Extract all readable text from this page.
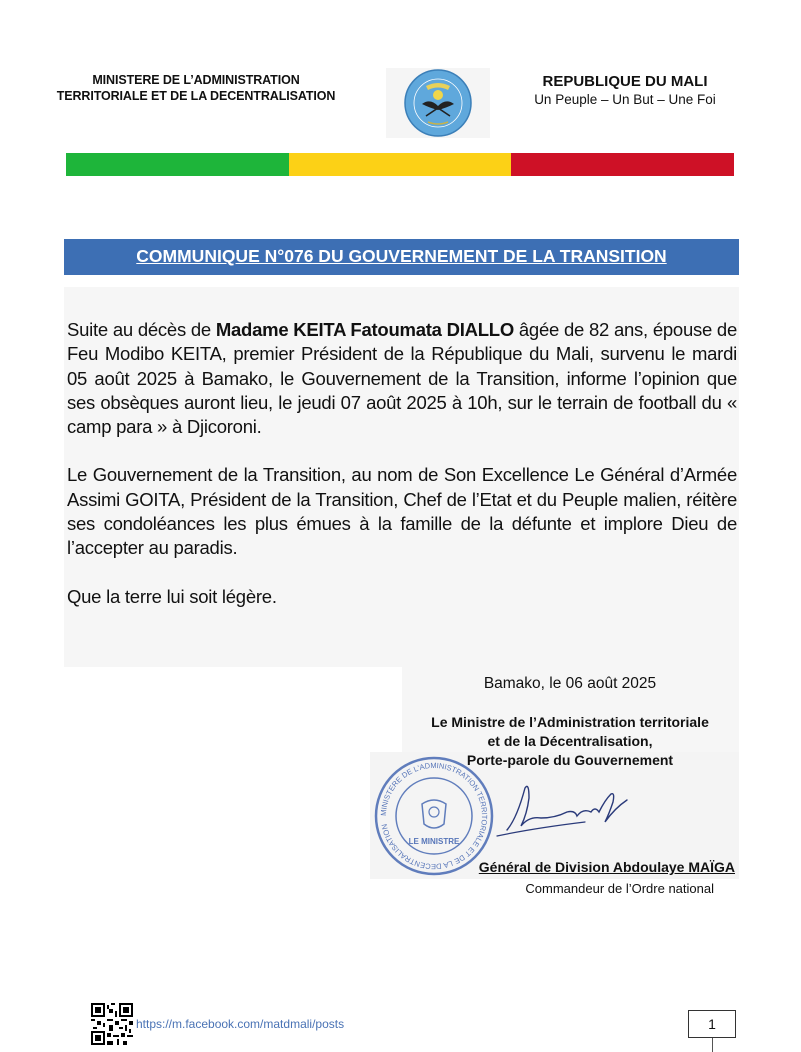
MINISTERE DE L’ADMINISTRATION
TERRITORIALE ET DE LA DECENTRALISATION
REPUBLIQUE DU MALI
Un Peuple – Un But – Une Foi
COMMUNIQUE N°076 DU GOUVERNEMENT DE LA TRANSITION

Suite au décès de Madame KEITA Fatoumata DIALLO âgée de 82 ans, épouse de Feu Modibo KEITA, premier Président de la République du Mali, survenu le mardi 05 août 2025 à Bamako, le Gouvernement de la Transition, informe l’opinion que ses obsèques auront lieu, le jeudi 07 août 2025 à 10h, sur le terrain de football du « camp para » à Djicoroni.

Le Gouvernement de la Transition, au nom de Son Excellence Le Général d’Armée Assimi GOITA, Président de la Transition, Chef de l’Etat et du Peuple malien, réitère ses condoléances les plus émues à la famille de la défunte et implore Dieu de l’accepter au paradis.

Que la terre lui soit légère.

Bamako, le 06 août 2025
Le Ministre de l’Administration territoriale
et de la Décentralisation,
Porte-parole du Gouvernement
MINISTERE DE L'ADMINISTRATION TERRITORIALE ET DE LA DECENTRALISATION
LE MINISTRE
Général de Division Abdoulaye MAÏGA
Commandeur de l’Ordre national
https://m.facebook.com/matdmali/posts	1
